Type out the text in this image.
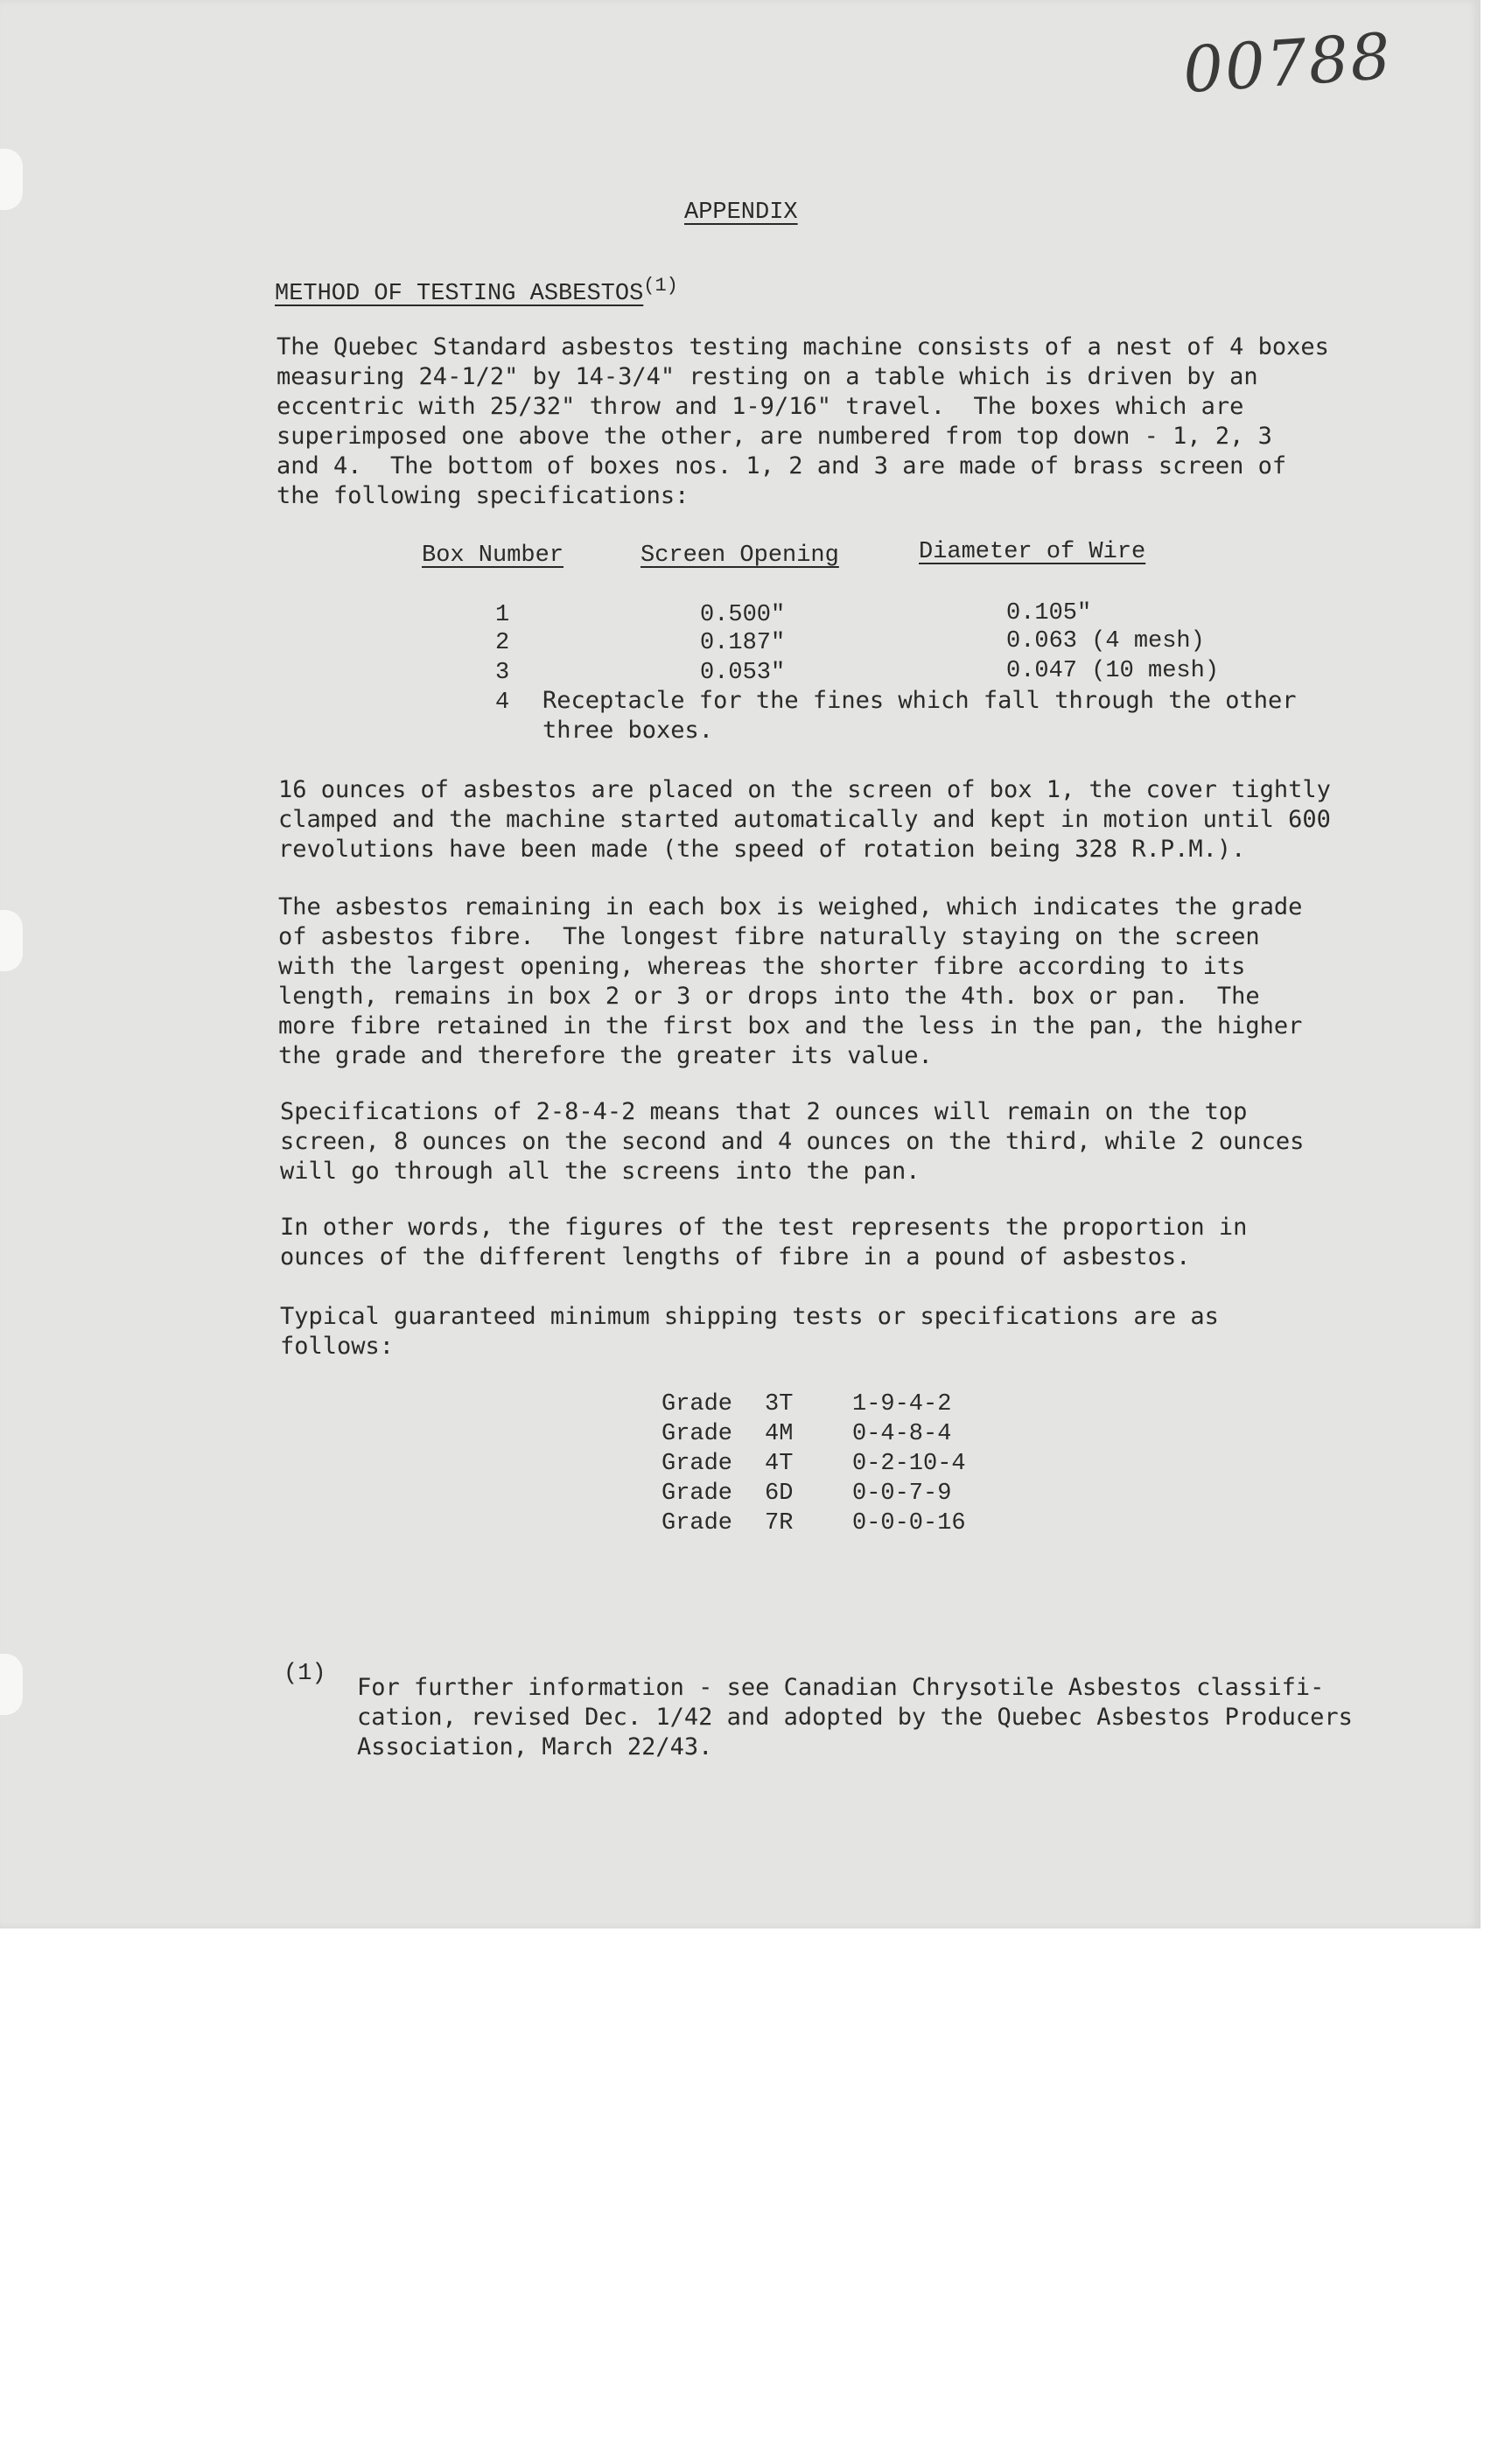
00788
APPENDIX
METHOD OF TESTING ASBESTOS$^{(1)}$
The Quebec Standard asbestos testing machine consists of a nest of 4 boxes
measuring 24-1/2" by 14-3/4" resting on a table which is driven by an
eccentric with 25/32" throw and 1-9/16" travel.  The boxes which are
superimposed one above the other, are numbered from top down - 1, 2, 3
and 4.  The bottom of boxes nos. 1, 2 and 3 are made of brass screen of
the following specifications:
Box Number	Screen Opening	Diameter of Wire
1	0.500"	0.105"
2	0.187"	0.063 (4 mesh)
3	0.053"	0.047 (10 mesh)
4 Receptacle for the fines which fall through the other
three boxes.
16 ounces of asbestos are placed on the screen of box 1, the cover tightly
clamped and the machine started automatically and kept in motion until 600
revolutions have been made (the speed of rotation being 328 R.P.M.).
The asbestos remaining in each box is weighed, which indicates the grade
of asbestos fibre.  The longest fibre naturally staying on the screen
with the largest opening, whereas the shorter fibre according to its
length, remains in box 2 or 3 or drops into the 4th. box or pan.  The
more fibre retained in the first box and the less in the pan, the higher
the grade and therefore the greater its value.
Specifications of 2-8-4-2 means that 2 ounces will remain on the top
screen, 8 ounces on the second and 4 ounces on the third, while 2 ounces
will go through all the screens into the pan.
In other words, the figures of the test represents the proportion in
ounces of the different lengths of fibre in a pound of asbestos.
Typical guaranteed minimum shipping tests or specifications are as
follows:
Grade 3T	1-9-4-2
Grade 4M	0-4-8-4
Grade 4T	0-2-10-4
Grade 6D	0-0-7-9
Grade 7R	0-0-0-16
(1) For further information - see Canadian Chrysotile Asbestos classifi-
cation, revised Dec. 1/42 and adopted by the Quebec Asbestos Producers
Association, March 22/43.
